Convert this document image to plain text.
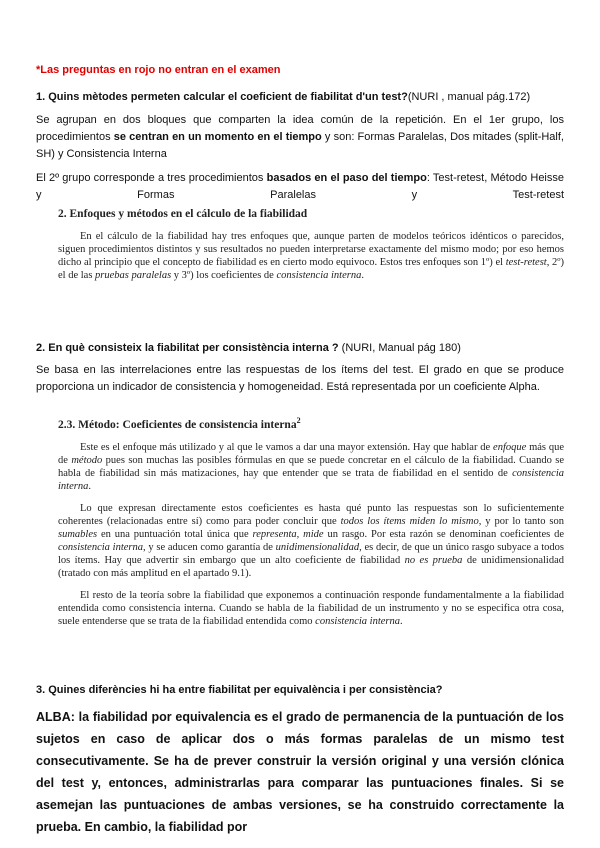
*Las preguntas en rojo no entran en el examen

1. Quins mètodes permeten calcular el coeficient de fiabilitat d'un test?(NURI , manual pág.172)

Se agrupan en dos bloques que comparten la idea común de la repetición. En el 1er grupo, los procedimientos se centran en un momento en el tiempo y son: Formas Paralelas, Dos mitades (split-Half, SH) y Consistencia Interna

El 2º grupo corresponde a tres procedimientos basados en el paso del tiempo: Test-retest, Método Heisse y Formas Paralelas y Test-retest

2. Enfoques y métodos en el cálculo de la fiabilidad

En el cálculo de la fiabilidad hay tres enfoques que, aunque parten de modelos teóricos idénticos o parecidos, siguen procedimientos distintos y sus resultados no pueden interpretarse exactamente del mismo modo; por eso hemos dicho al principio que el concepto de fiabilidad es en cierto modo equivoco. Estos tres enfoques son 1º) el test-retest, 2º) el de las pruebas paralelas y 3º) los coeficientes de consistencia interna.

2. En què consisteix la fiabilitat per consistència interna ? (NURI, Manual pág 180)

Se basa en las interrelaciones entre las respuestas de los ítems del test. El grado en que se produce proporciona un indicador de consistencia y homogeneidad. Está representada por un coeficiente Alpha.

2.3. Método: Coeficientes de consistencia interna$^2$

Este es el enfoque más utilizado y al que le vamos a dar una mayor extensión. Hay que hablar de enfoque más que de método pues son muchas las posibles fórmulas en que se puede concretar en el cálculo de la fiabilidad. Cuando se habla de fiabilidad sin más matizaciones, hay que entender que se trata de fiabilidad en el sentido de consistencia interna.

Lo que expresan directamente estos coeficientes es hasta qué punto las respuestas son lo suficientemente coherentes (relacionadas entre sí) como para poder concluir que todos los ítems miden lo mismo, y por lo tanto son sumables en una puntuación total única que representa, mide un rasgo. Por esta razón se denominan coeficientes de consistencia interna, y se aducen como garantía de unidimensionalidad, es decir, de que un único rasgo subyace a todos los ítems. Hay que advertir sin embargo que un alto coeficiente de fiabilidad no es prueba de unidimensionalidad (tratado con más amplitud en el apartado 9.1).

El resto de la teoría sobre la fiabilidad que exponemos a continuación responde fundamentalmente a la fiabilidad entendida como consistencia interna. Cuando se habla de la fiabilidad de un instrumento y no se especifica otra cosa, suele entenderse que se trata de la fiabilidad entendida como consistencia interna.

3. Quines diferències hi ha entre fiabilitat per equivalència i per consistència?

ALBA: la fiabilidad por equivalencia es el grado de permanencia de la puntuación de los sujetos en caso de aplicar dos o más formas paralelas de un mismo test consecutivamente. Se ha de prever construir la versión original y una versión clónica del test y, entonces, administrarlas para comparar las puntuaciones finales. Si se asemejan las puntuaciones de ambas versiones, se ha construido correctamente la prueba. En cambio, la fiabilidad por
